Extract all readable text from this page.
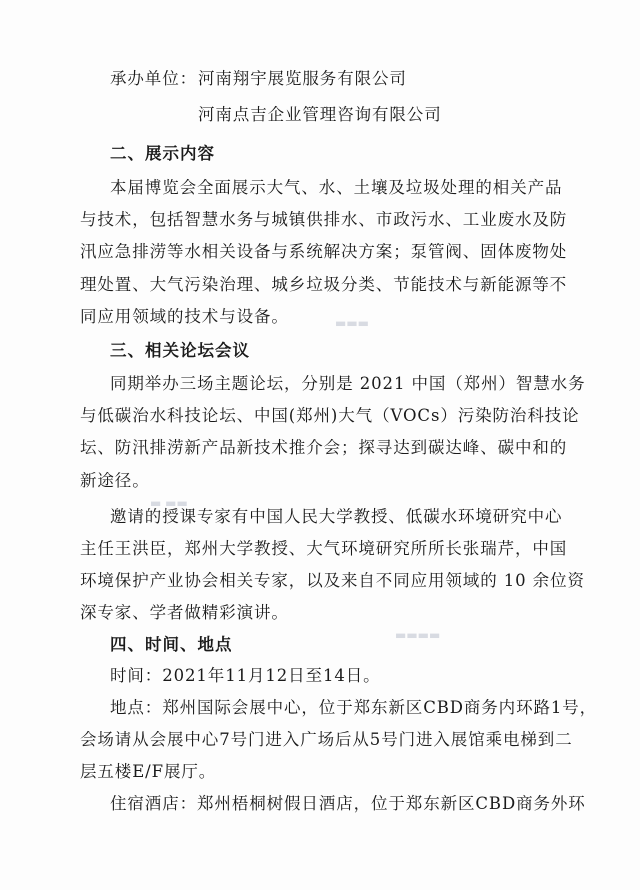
▬▬▬
▬ ▬▬
▬▬▬▬
承办单位： 河南翔宇展览服务有限公司
河南点吉企业管理咨询有限公司
二、展示内容
本届博览会全面展示大气、水、土壤及垃圾处理的相关产品
与技术，包括智慧水务与城镇供排水、市政污水、工业废水及防
汛应急排涝等水相关设备与系统解决方案；泵管阀、固体废物处
理处置、大气污染治理、城乡垃圾分类、节能技术与新能源等不
同应用领域的技术与设备。
三、相关论坛会议
同期举办三场主题论坛，分别是 2021 中国（郑州）智慧水务
与低碳治水科技论坛、中国(郑州)大气（VOCs）污染防治科技论
坛、防汛排涝新产品新技术推介会；探寻达到碳达峰、碳中和的
新途径。
邀请的授课专家有中国人民大学教授、低碳水环境研究中心
主任王洪臣，郑州大学教授、大气环境研究所所长张瑞芹，中国
环境保护产业协会相关专家，以及来自不同应用领域的 10 余位资
深专家、学者做精彩演讲。
四、时间、地点
时间：2021年11月12日至14日。
地点：郑州国际会展中心，位于郑东新区CBD商务内环路1号，
会场请从会展中心7号门进入广场后从5号门进入展馆乘电梯到二
层五楼E/F展厅。
住宿酒店：郑州梧桐树假日酒店，位于郑东新区CBD商务外环
